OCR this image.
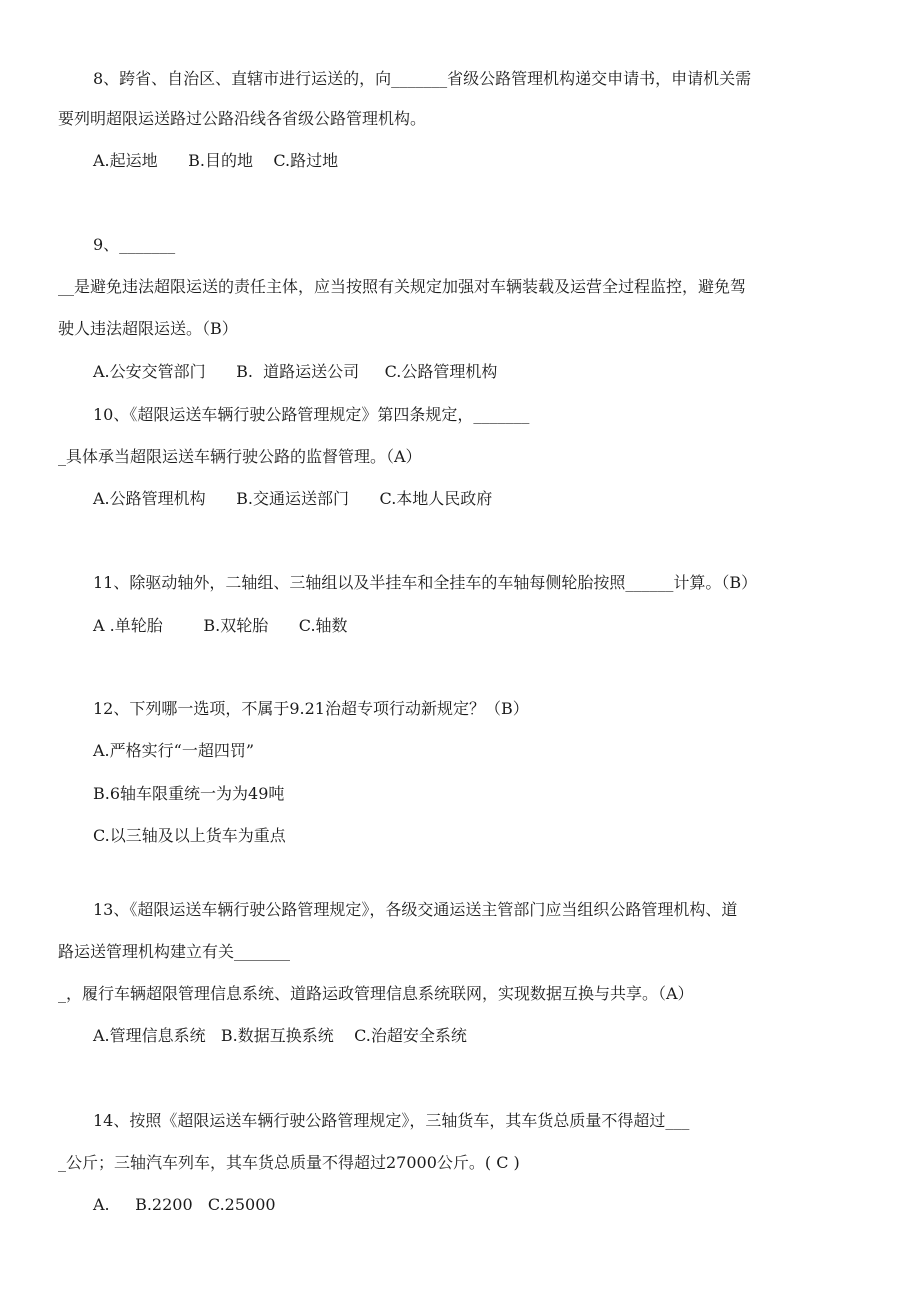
8、跨省、自治区、直辖市进行运送的，向_______省级公路管理机构递交申请书，申请机关需
要列明超限运送路过公路沿线各省级公路管理机构。
A.起运地      B.目的地    C.路过地
9、_______
__是避免违法超限运送的责任主体，应当按照有关规定加强对车辆装载及运营全过程监控，避免驾
驶人违法超限运送。（B）
A.公安交管部门      B.  道路运送公司     C.公路管理机构
10、《超限运送车辆行驶公路管理规定》第四条规定，_______
_具体承当超限运送车辆行驶公路的监督管理。（A）
A.公路管理机构      B.交通运送部门      C.本地人民政府
11、除驱动轴外，二轴组、三轴组以及半挂车和全挂车的车轴每侧轮胎按照______计算。（B）
A .单轮胎        B.双轮胎      C.轴数
12、下列哪一选项，不属于9.21治超专项行动新规定？（B）
A.严格实行“一超四罚”
B.6轴车限重统一为为49吨
C.以三轴及以上货车为重点
13、《超限运送车辆行驶公路管理规定》，各级交通运送主管部门应当组织公路管理机构、道
路运送管理机构建立有关_______
_，履行车辆超限管理信息系统、道路运政管理信息系统联网，实现数据互换与共享。（A）
A.管理信息系统   B.数据互换系统    C.治超安全系统
14、按照《超限运送车辆行驶公路管理规定》，三轴货车，其车货总质量不得超过___
_公斤；三轴汽车列车，其车货总质量不得超过27000公斤。( C )
A.     B.2200   C.25000
